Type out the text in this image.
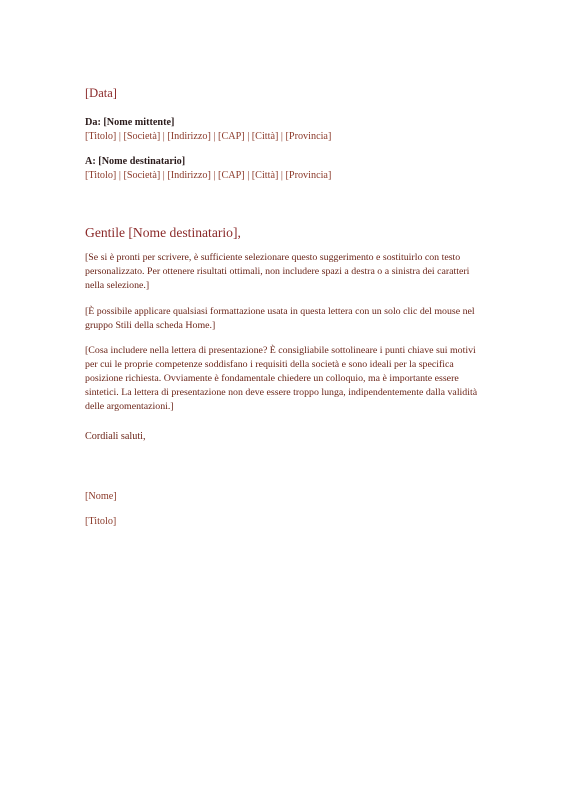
[Data]
Da: [Nome mittente]
[Titolo] | [Società] | [Indirizzo] | [CAP] | [Città] | [Provincia]
A: [Nome destinatario]
[Titolo] | [Società] | [Indirizzo] | [CAP] | [Città] | [Provincia]
Gentile [Nome destinatario],
[Se si è pronti per scrivere, è sufficiente selezionare questo suggerimento e sostituirlo con testo personalizzato. Per ottenere risultati ottimali, non includere spazi a destra o a sinistra dei caratteri nella selezione.]
[È possibile applicare qualsiasi formattazione usata in questa lettera con un solo clic del mouse nel gruppo Stili della scheda Home.]
[Cosa includere nella lettera di presentazione? È consigliabile sottolineare i punti chiave sui motivi per cui le proprie competenze soddisfano i requisiti della società e sono ideali per la specifica posizione richiesta. Ovviamente è fondamentale chiedere un colloquio, ma è importante essere sintetici. La lettera di presentazione non deve essere troppo lunga, indipendentemente dalla validità delle argomentazioni.]
Cordiali saluti,
[Nome]
[Titolo]
